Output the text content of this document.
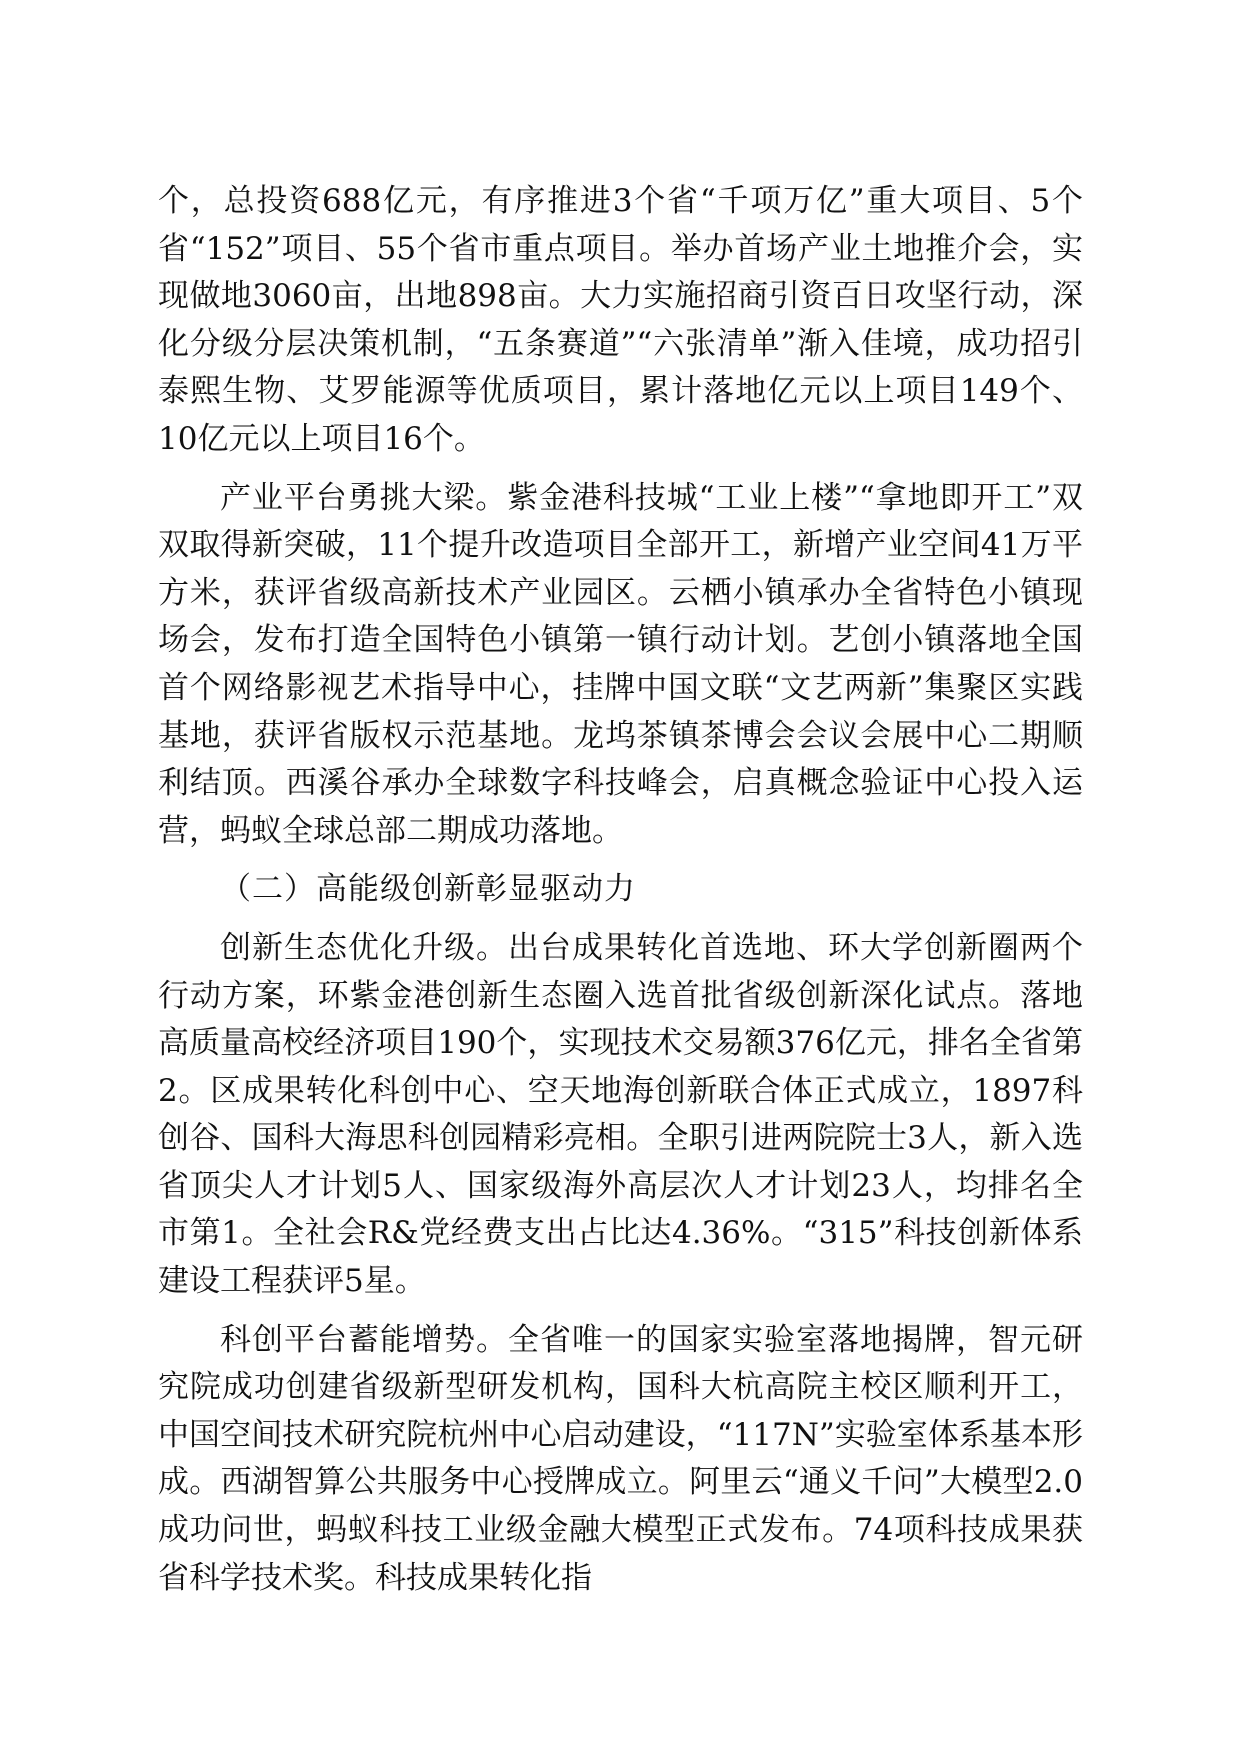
个，总投资688亿元，有序推进3个省“千项万亿”重大项目、5个省“152”项目、55个省市重点项目。举办首场产业土地推介会，实现做地3060亩，出地898亩。大力实施招商引资百日攻坚行动，深化分级分层决策机制，“五条赛道”“六张清单”渐入佳境，成功招引泰熙生物、艾罗能源等优质项目，累计落地亿元以上项目149个、10亿元以上项目16个。

产业平台勇挑大梁。紫金港科技城“工业上楼”“拿地即开工”双双取得新突破，11个提升改造项目全部开工，新增产业空间41万平方米，获评省级高新技术产业园区。云栖小镇承办全省特色小镇现场会，发布打造全国特色小镇第一镇行动计划。艺创小镇落地全国首个网络影视艺术指导中心，挂牌中国文联“文艺两新”集聚区实践基地，获评省版权示范基地。龙坞茶镇茶博会会议会展中心二期顺利结顶。西溪谷承办全球数字科技峰会，启真概念验证中心投入运营，蚂蚁全球总部二期成功落地。

（二）高能级创新彰显驱动力

创新生态优化升级。出台成果转化首选地、环大学创新圈两个行动方案，环紫金港创新生态圈入选首批省级创新深化试点。落地高质量高校经济项目190个，实现技术交易额376亿元，排名全省第2。区成果转化科创中心、空天地海创新联合体正式成立，1897科创谷、国科大海思科创园精彩亮相。全职引进两院院士3人，新入选省顶尖人才计划5人、国家级海外高层次人才计划23人，均排名全市第1。全社会R&党经费支出占比达4.36%。“315”科技创新体系建设工程获评5星。

科创平台蓄能增势。全省唯一的国家实验室落地揭牌，智元研究院成功创建省级新型研发机构，国科大杭高院主校区顺利开工，中国空间技术研究院杭州中心启动建设，“117N”实验室体系基本形成。西湖智算公共服务中心授牌成立。阿里云“通义千问”大模型2.0成功问世，蚂蚁科技工业级金融大模型正式发布。74项科技成果获省科学技术奖。科技成果转化指
